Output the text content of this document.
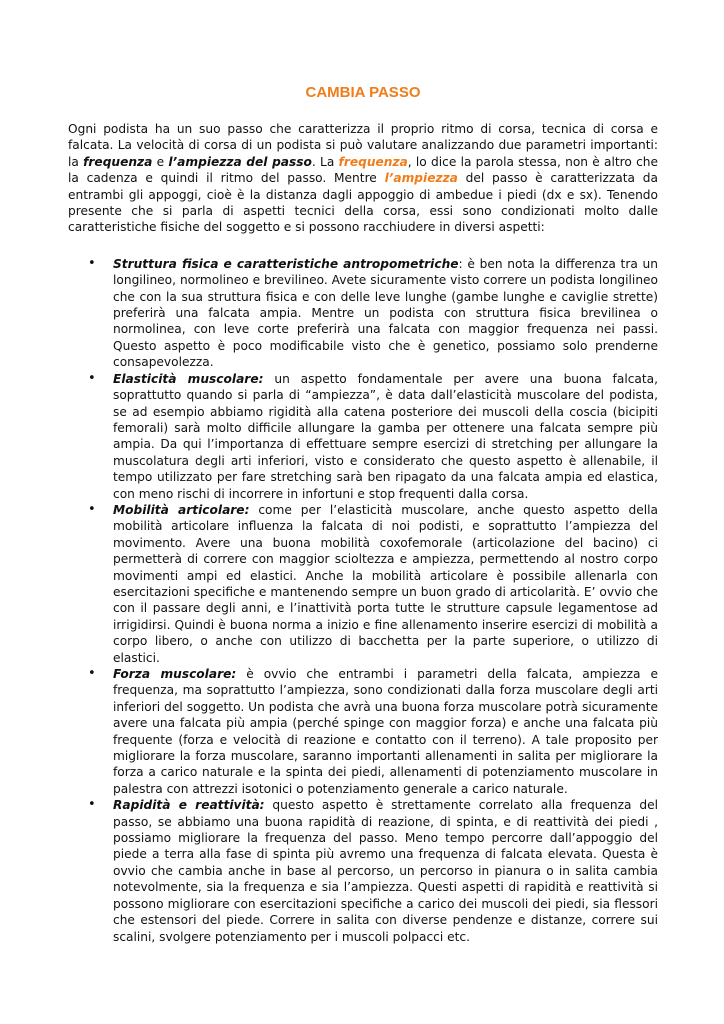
CAMBIA PASSO

Ogni podista ha un suo passo che caratterizza il proprio ritmo di corsa, tecnica di corsa e falcata. La velocità di corsa di un podista si può valutare analizzando due parametri importanti: la frequenza e l’ampiezza del passo. La frequenza, lo dice la parola stessa, non è altro che la cadenza e quindi il ritmo del passo. Mentre l’ampiezza del passo è caratterizzata da entrambi gli appoggi, cioè è la distanza dagli appoggio di ambedue i piedi (dx e sx). Tenendo presente che si parla di aspetti tecnici della corsa, essi sono condizionati molto dalle caratteristiche fisiche del soggetto e si possono racchiudere in diversi aspetti:

• Struttura fisica e caratteristiche antropometriche: è ben nota la differenza tra un longilineo, normolineo e brevilineo. Avete sicuramente visto correre un podista longilineo che con la sua struttura fisica e con delle leve lunghe (gambe lunghe e caviglie strette) preferirà una falcata ampia. Mentre un podista con struttura fisica brevilinea o normolinea, con leve corte preferirà una falcata con maggior frequenza nei passi. Questo aspetto è poco modificabile visto che è genetico, possiamo solo prenderne consapevolezza.
• Elasticità muscolare: un aspetto fondamentale per avere una buona falcata, soprattutto quando si parla di “ampiezza”, è data dall’elasticità muscolare del podista, se ad esempio abbiamo rigidità alla catena posteriore dei muscoli della coscia (bicipiti femorali) sarà molto difficile allungare la gamba per ottenere una falcata sempre più ampia. Da qui l’importanza di effettuare sempre esercizi di stretching per allungare la muscolatura degli arti inferiori, visto e considerato che questo aspetto è allenabile, il tempo utilizzato per fare stretching sarà ben ripagato da una falcata ampia ed elastica, con meno rischi di incorrere in infortuni e stop frequenti dalla corsa.
• Mobilità articolare: come per l’elasticità muscolare, anche questo aspetto della mobilità articolare influenza la falcata di noi podisti, e soprattutto l’ampiezza del movimento. Avere una buona mobilità coxofemorale (articolazione del bacino) ci permetterà di correre con maggior scioltezza e ampiezza, permettendo al nostro corpo movimenti ampi ed elastici. Anche la mobilità articolare è possibile allenarla con esercitazioni specifiche e mantenendo sempre un buon grado di articolarità. E’ ovvio che con il passare degli anni, e l’inattività porta tutte le strutture capsule legamentose ad irrigidirsi. Quindi è buona norma a inizio e fine allenamento inserire esercizi di mobilità a corpo libero, o anche con utilizzo di bacchetta per la parte superiore, o utilizzo di elastici.
• Forza muscolare: è ovvio che entrambi i parametri della falcata, ampiezza e frequenza, ma soprattutto l’ampiezza, sono condizionati dalla forza muscolare degli arti inferiori del soggetto. Un podista che avrà una buona forza muscolare potrà sicuramente avere una falcata più ampia (perché spinge con maggior forza) e anche una falcata più frequente (forza e velocità di reazione e contatto con il terreno). A tale proposito per migliorare la forza muscolare, saranno importanti allenamenti in salita per migliorare la forza a carico naturale e la spinta dei piedi, allenamenti di potenziamento muscolare in palestra con attrezzi isotonici o potenziamento generale a carico naturale.
• Rapidità e reattività: questo aspetto è strettamente correlato alla frequenza del passo, se abbiamo una buona rapidità di reazione, di spinta, e di reattività dei piedi , possiamo migliorare la frequenza del passo. Meno tempo percorre dall’appoggio del piede a terra alla fase di spinta più avremo una frequenza di falcata elevata. Questa è ovvio che cambia anche in base al percorso, un percorso in pianura o in salita cambia notevolmente, sia la frequenza e sia l’ampiezza. Questi aspetti di rapidità e reattività si possono migliorare con esercitazioni specifiche a carico dei muscoli dei piedi, sia flessori che estensori del piede. Correre in salita con diverse pendenze e distanze, correre sui scalini, svolgere potenziamento per i muscoli polpacci etc.
